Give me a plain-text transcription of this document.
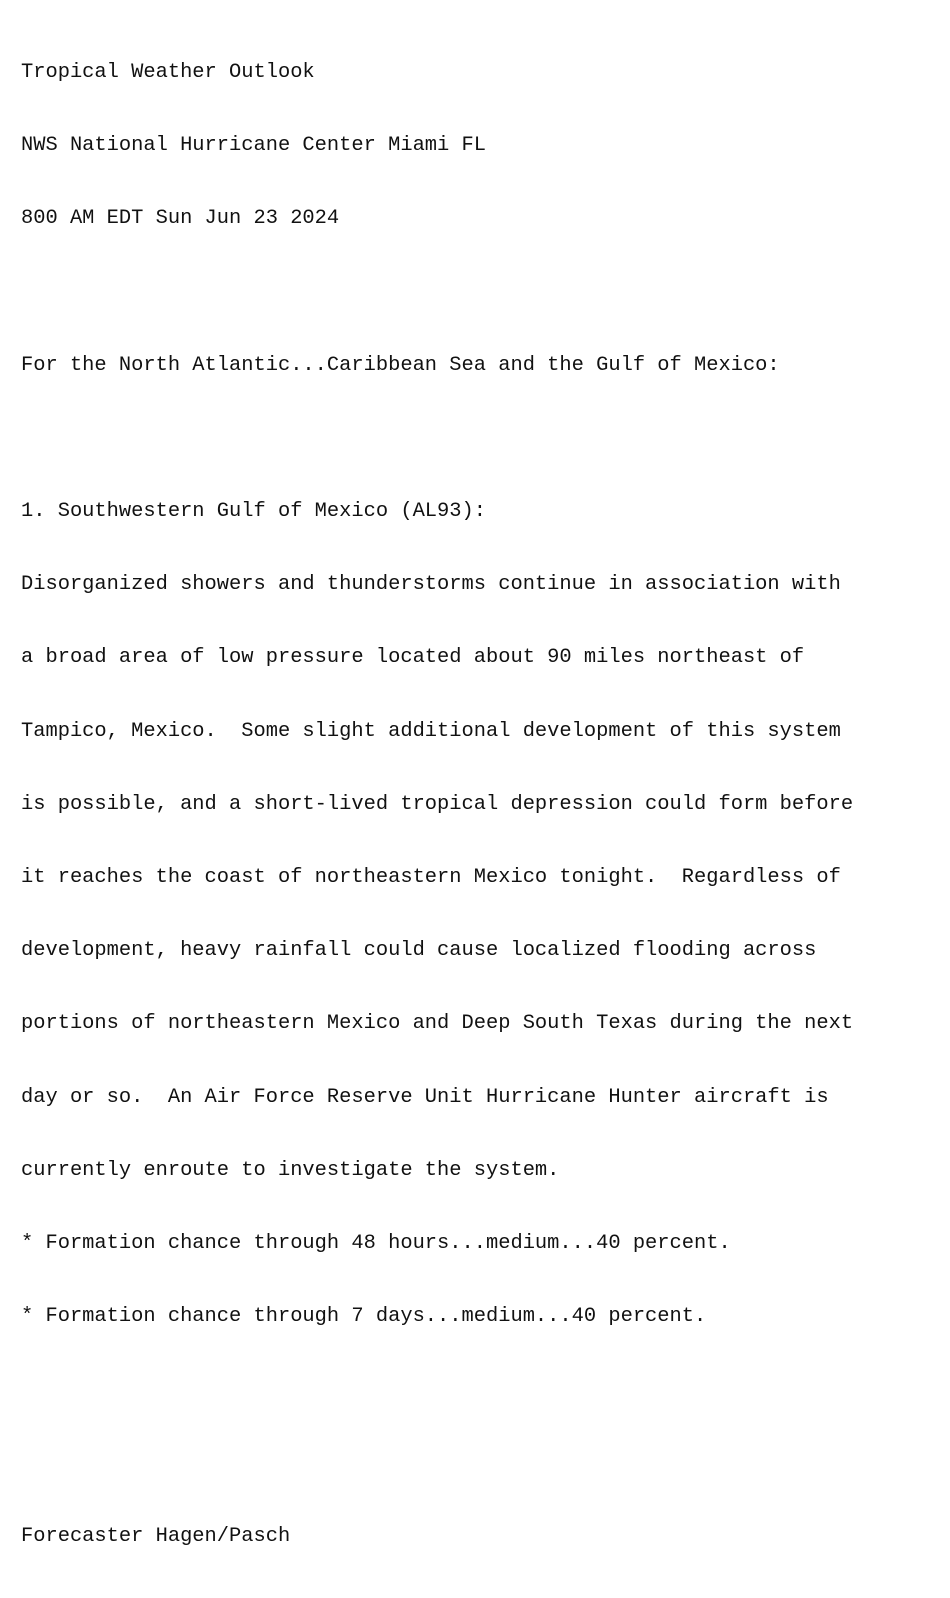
Tropical Weather Outlook

NWS National Hurricane Center Miami FL

800 AM EDT Sun Jun 23 2024

For the North Atlantic...Caribbean Sea and the Gulf of Mexico:

1. Southwestern Gulf of Mexico (AL93):

Disorganized showers and thunderstorms continue in association with

a broad area of low pressure located about 90 miles northeast of

Tampico, Mexico.  Some slight additional development of this system

is possible, and a short-lived tropical depression could form before

it reaches the coast of northeastern Mexico tonight.  Regardless of

development, heavy rainfall could cause localized flooding across

portions of northeastern Mexico and Deep South Texas during the next

day or so.  An Air Force Reserve Unit Hurricane Hunter aircraft is

currently enroute to investigate the system.

* Formation chance through 48 hours...medium...40 percent.

* Formation chance through 7 days...medium...40 percent.

Forecaster Hagen/Pasch
